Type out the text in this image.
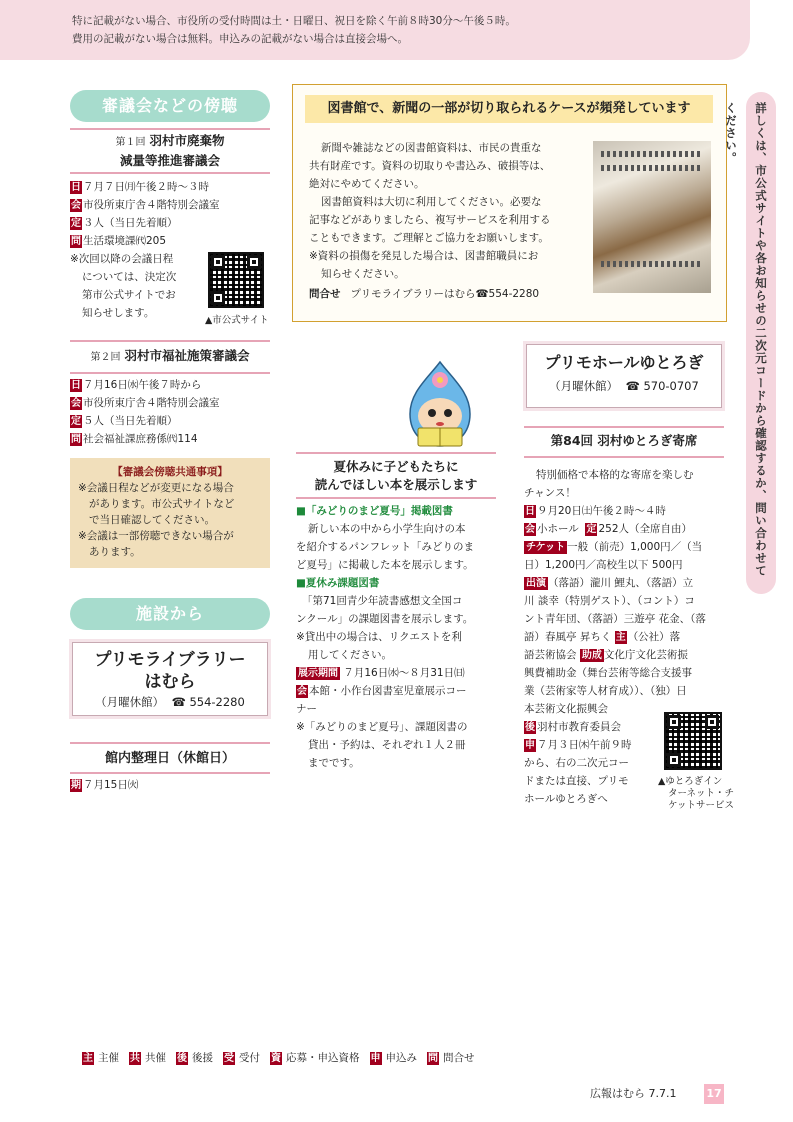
特に記載がない場合、市役所の受付時間は土・日曜日、祝日を除く午前８時30分〜午後５時。
費用の記載がない場合は無料。申込みの記載がない場合は直接会場へ。
審議会などの傍聴
第１回 羽村市廃棄物
減量等推進審議会
日 ７月７日㈪午後２時〜３時
会 市役所東庁舎４階特別会議室
定 ３人（当日先着順）
問 生活環境課㈹205
※次回以降の会議日程
については、決定次
第市公式サイトでお
知らせします。
▲市公式サイト
第２回 羽村市福祉施策審議会
日 ７月16日㈬午後７時から
会 市役所東庁舎４階特別会議室
定 ５人（当日先着順）
問 社会福祉課庶務係㈹114
【審議会傍聴共通事項】
※会議日程などが変更になる場合
があります。市公式サイトなど
で当日確認してください。
※会議は一部傍聴できない場合が
あります。
施設から
プリモライブラリー
はむら
（月曜休館） ☎ 554-2280
館内整理日（休館日）
期 ７月15日㈫
図書館で、新聞の一部が切り取られるケースが頻発しています
新聞や雑誌などの図書館資料は、市民の貴重な
共有財産です。資料の切取りや書込み、破損等は、
絶対にやめてください。
図書館資料は大切に利用してください。必要な
記事などがありましたら、複写サービスを利用する
こともできます。ご理解とご協力をお願いします。
※資料の損傷を発見した場合は、図書館職員にお
知らせください。
問合せ プリモライブラリーはむら☎554-2280
夏休みに子どもたちに
読んでほしい本を展示します
■「みどりのまど夏号」掲載図書
新しい本の中から小学生向けの本
を紹介するパンフレット「みどりのま
ど夏号」に掲載した本を展示します。
■夏休み課題図書
「第71回青少年読書感想文全国コ
ンクール」の課題図書を展示します。
※貸出中の場合は、リクエストを利
用してください。
展示期間 ７月16日㈬〜８月31日㈰
会 本館・小作台図書室児童展示コー
ナー
※「みどりのまど夏号」、課題図書の
貸出・予約は、それぞれ１人２冊
までです。
プリモホールゆとろぎ
（月曜休館） ☎ 570-0707
第84回 羽村ゆとろぎ寄席
特別価格で本格的な寄席を楽しむ
チャンス！
日 ９月20日㈯午後２時〜４時
会 小ホール 定 252人（全席自由）
チケット 一般（前売）1,000円／（当
日）1,200円／高校生以下 500円
出演 （落語）瀧川 鯉丸、（落語）立
川 談幸（特別ゲスト）、（コント）コ
ント青年団、（落語）三遊亭 花金、（落
語）春風亭 昇ちく 主 （公社）落
語芸術協会 助成 文化庁文化芸術振
興費補助金（舞台芸術等総合支援事
業（芸術家等人材育成））、（独）日
本芸術文化振興会
後 羽村市教育委員会
申 ７月３日㈭午前９時
から、右の二次元コー
ドまたは直接、プリモ
ホールゆとろぎへ
▲ゆとろぎイン
ターネット・チ
ケットサービス
詳しくは、市公式サイトや各お知らせの二次元コードから確認するか、問い合わせてください。
主 主催 共 共催 後 後援 受 受付 資 応募・申込資格 申 申込み 問 問合せ
広報はむら 7.7.1	17
